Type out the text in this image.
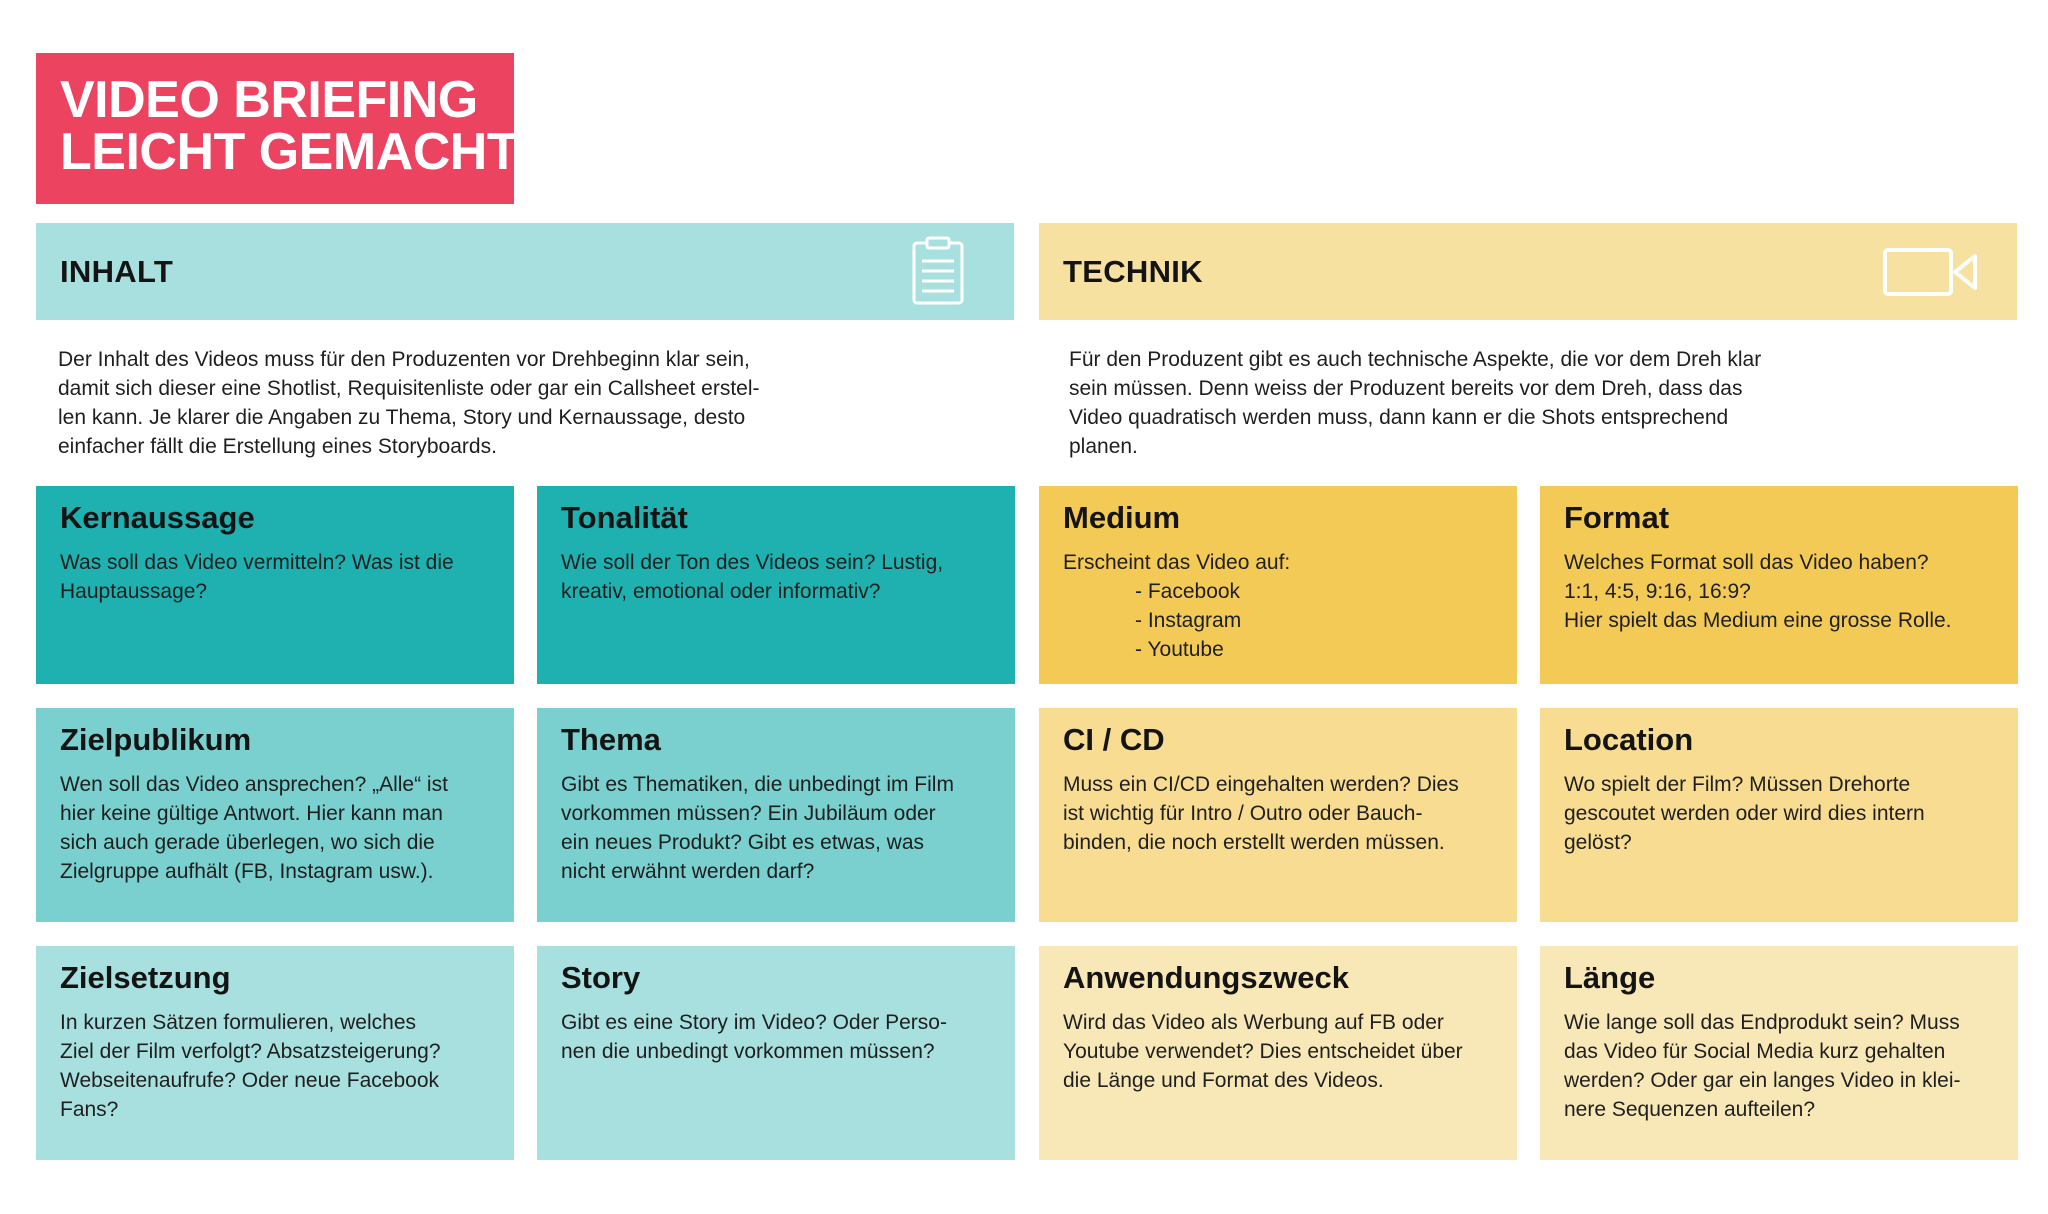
VIDEO BRIEFING
LEICHT GEMACHT
INHALT	TECHNIK
Der Inhalt des Videos muss für den Produzenten vor Drehbeginn klar sein,
damit sich dieser eine Shotlist, Requisitenliste oder gar ein Callsheet erstel-
len kann. Je klarer die Angaben zu Thema, Story und Kernaussage, desto
einfacher fällt die Erstellung eines Storyboards.
Für den Produzent gibt es auch technische Aspekte, die vor dem Dreh klar
sein müssen. Denn weiss der Produzent bereits vor dem Dreh, dass das
Video quadratisch werden muss, dann kann er die Shots entsprechend
planen.
Kernaussage
Was soll das Video vermitteln? Was ist die
Hauptaussage?
Tonalität
Wie soll der Ton des Videos sein? Lustig,
kreativ, emotional oder informativ?
Medium
Erscheint das Video auf:
- Facebook
- Instagram
- Youtube
Format
Welches Format soll das Video haben?
1:1, 4:5, 9:16, 16:9?
Hier spielt das Medium eine grosse Rolle.
Zielpublikum
Wen soll das Video ansprechen? „Alle“ ist
hier keine gültige Antwort. Hier kann man
sich auch gerade überlegen, wo sich die
Zielgruppe aufhält (FB, Instagram usw.).
Thema
Gibt es Thematiken, die unbedingt im Film
vorkommen müssen? Ein Jubiläum oder
ein neues Produkt? Gibt es etwas, was
nicht erwähnt werden darf?
CI / CD
Muss ein CI/CD eingehalten werden? Dies
ist wichtig für Intro / Outro oder Bauch-
binden, die noch erstellt werden müssen.
Location
Wo spielt der Film? Müssen Drehorte
gescoutet werden oder wird dies intern
gelöst?
Zielsetzung
In kurzen Sätzen formulieren, welches
Ziel der Film verfolgt? Absatzsteigerung?
Webseitenaufrufe? Oder neue Facebook
Fans?
Story
Gibt es eine Story im Video? Oder Perso-
nen die unbedingt vorkommen müssen?
Anwendungszweck
Wird das Video als Werbung auf FB oder
Youtube verwendet? Dies entscheidet über
die Länge und Format des Videos.
Länge
Wie lange soll das Endprodukt sein? Muss
das Video für Social Media kurz gehalten
werden? Oder gar ein langes Video in klei-
nere Sequenzen aufteilen?
